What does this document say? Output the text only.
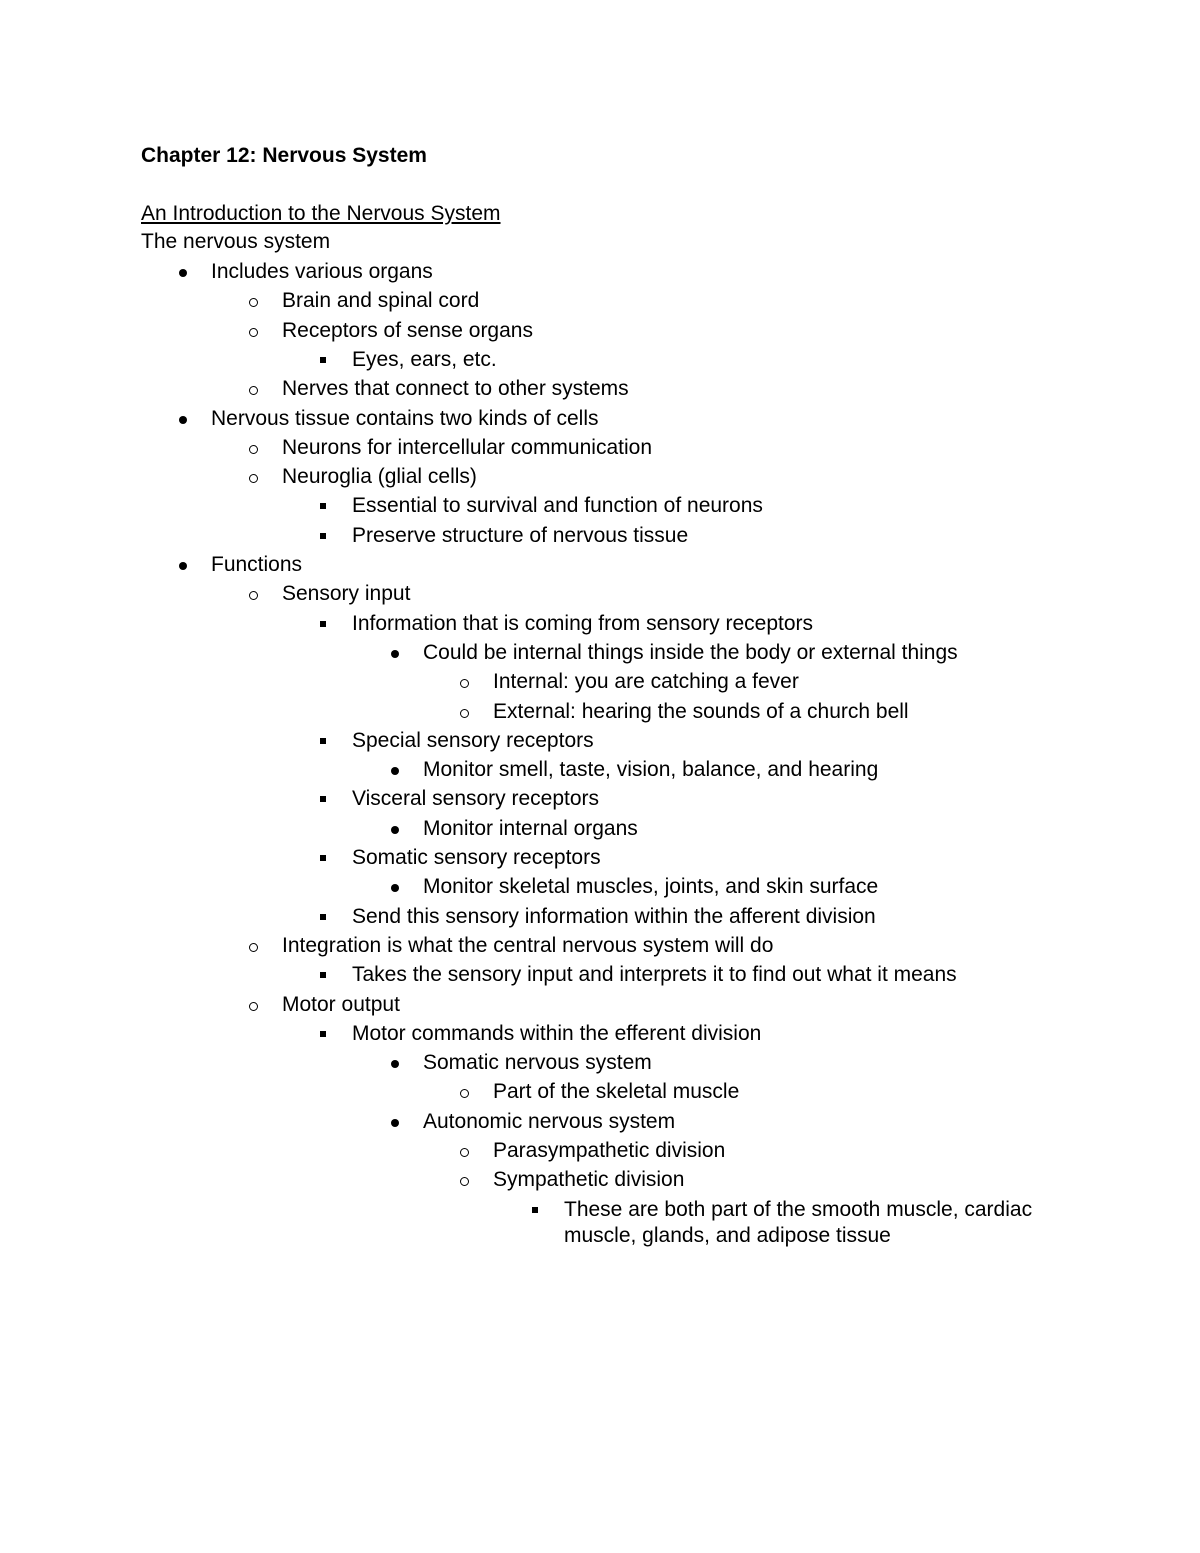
Chapter 12: Nervous System
An Introduction to the Nervous System
The nervous system
Includes various organs
Brain and spinal cord
Receptors of sense organs
Eyes, ears, etc.
Nerves that connect to other systems
Nervous tissue contains two kinds of cells
Neurons for intercellular communication
Neuroglia (glial cells)
Essential to survival and function of neurons
Preserve structure of nervous tissue
Functions
Sensory input
Information that is coming from sensory receptors
Could be internal things inside the body or external things
Internal: you are catching a fever
External: hearing the sounds of a church bell
Special sensory receptors
Monitor smell, taste, vision, balance, and hearing
Visceral sensory receptors
Monitor internal organs
Somatic sensory receptors
Monitor skeletal muscles, joints, and skin surface
Send this sensory information within the afferent division
Integration is what the central nervous system will do
Takes the sensory input and interprets it to find out what it means
Motor output
Motor commands within the efferent division
Somatic nervous system
Part of the skeletal muscle
Autonomic nervous system
Parasympathetic division
Sympathetic division
These are both part of the smooth muscle, cardiac muscle, glands, and adipose tissue
